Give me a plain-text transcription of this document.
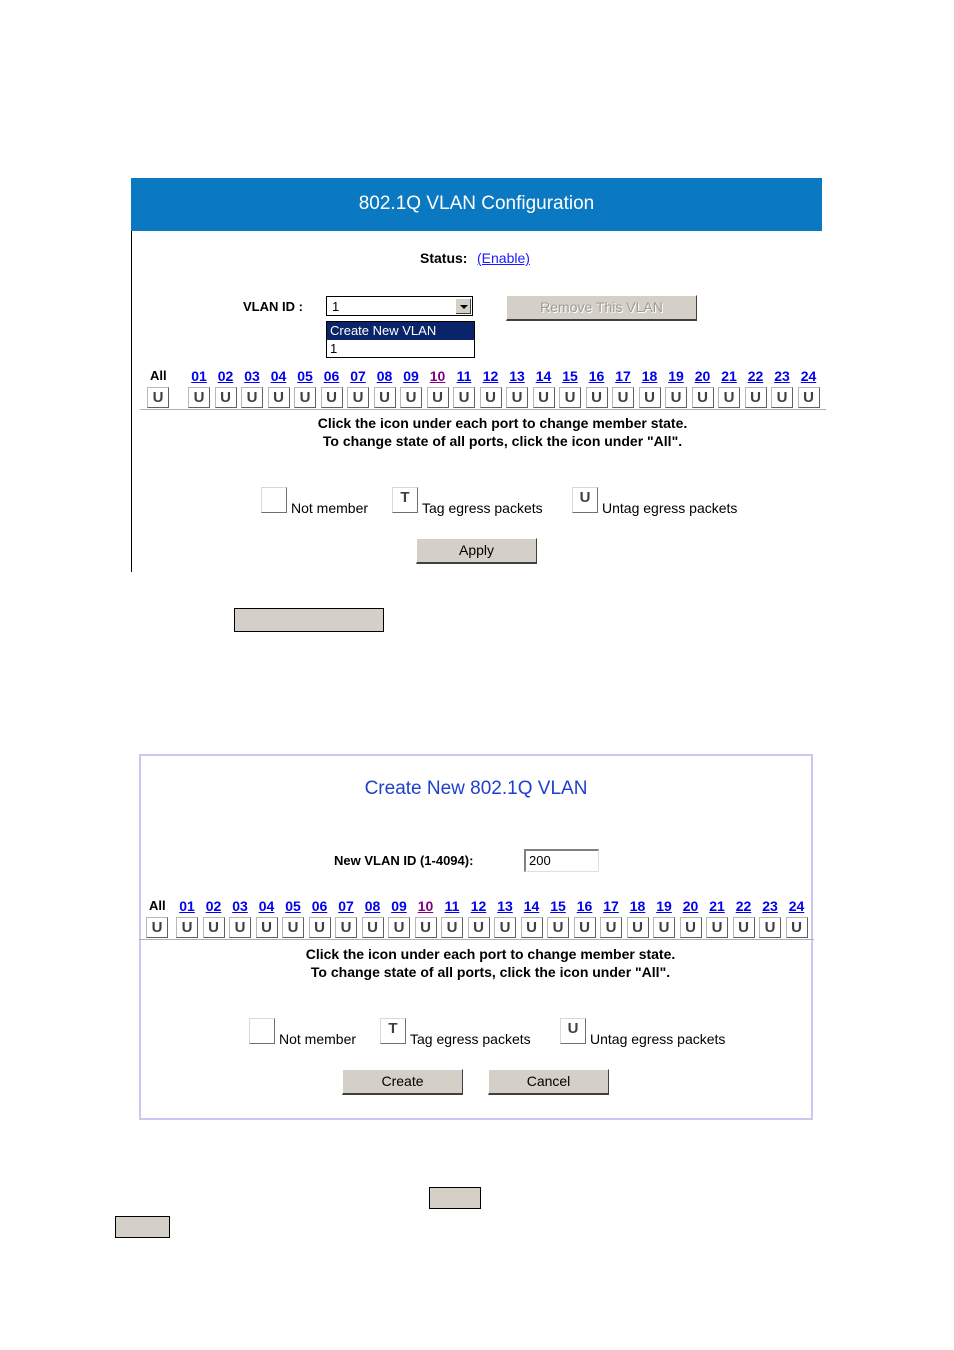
802.1Q VLAN Configuration
Status: (Enable)
VLAN ID : 1
Create New VLAN
1
Remove This VLAN
All
U
01
U
02
U
03
U
04
U
05
U
06
U
07
U
08
U
09
U
10
U
11
U
12
U
13
U
14
U
15
U
16
U
17
U
18
U
19
U
20
U
21
U
22
U
23
U
24
U
Click the icon under each port to change member state.
To change state of all ports, click the icon under "All".
Not member
T
Tag egress packets
U
Untag egress packets
Apply
Create New 802.1Q VLAN
New VLAN ID (1-4094):	200
All
U
01
U
02
U
03
U
04
U
05
U
06
U
07
U
08
U
09
U
10
U
11
U
12
U
13
U
14
U
15
U
16
U
17
U
18
U
19
U
20
U
21
U
22
U
23
U
24
U
Click the icon under each port to change member state.
To change state of all ports, click the icon under "All".
Not member
T
Tag egress packets
U
Untag egress packets
Create	Cancel
